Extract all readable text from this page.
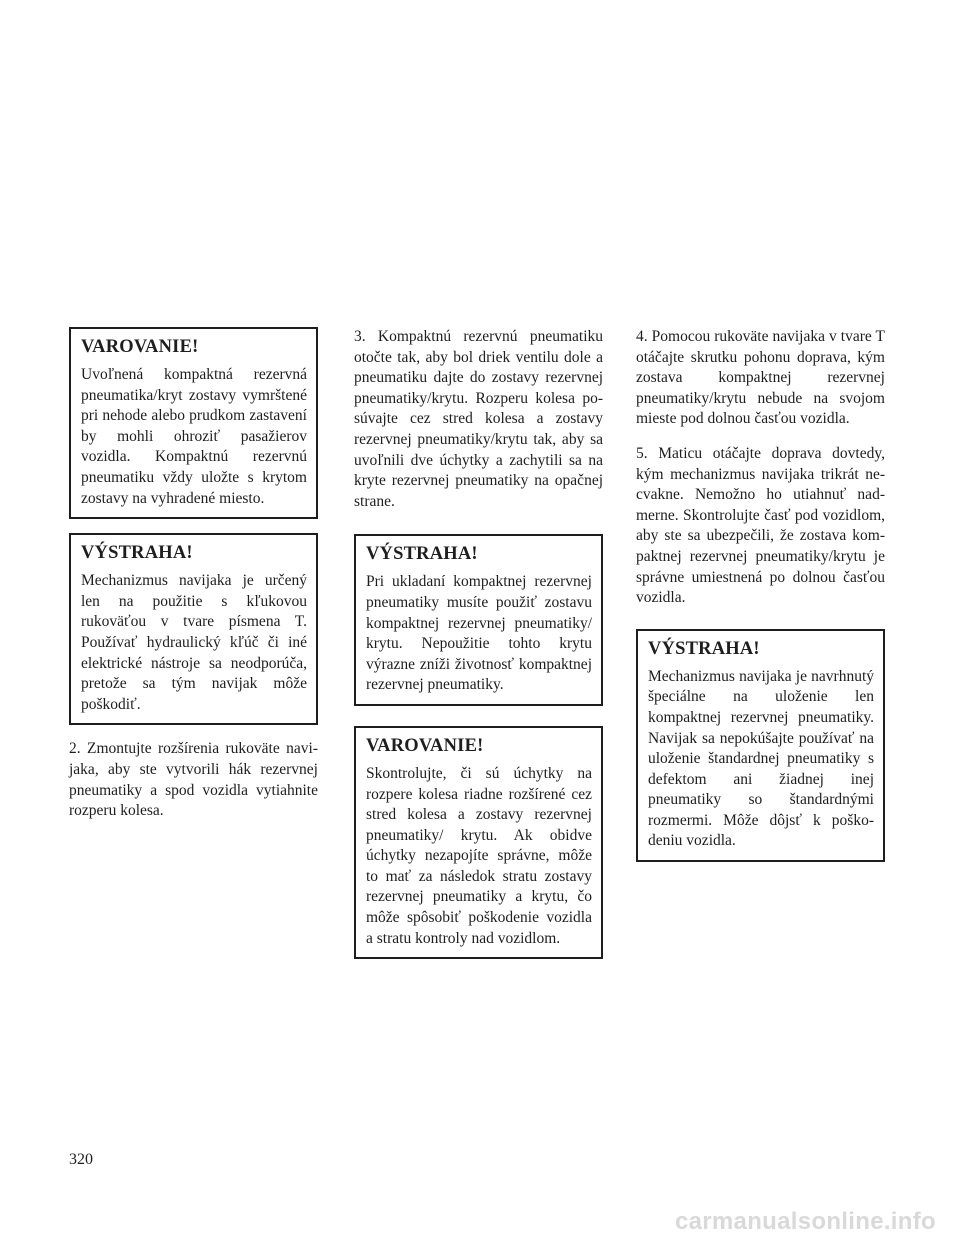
VAROVANIE!

Uvoľnená kompaktná rezervná pneumatika/kryt zostavy vymrštené pri nehode alebo prudkom zastavení by mohli ohroziť pasažierov vozidla. Kompaktnú rezervnú pneumatiku vždy uložte s krytom zostavy na vyhradené miesto.

VÝSTRAHA!

Mechanizmus navijaka je určený len na použitie s kľukovou rukoväťou v tvare písmena T. Používať hydraulický kľúč či iné elektrické nástroje sa neodporúča, pretože sa tým navijak môže poškodiť.

2. Zmontujte rozšírenia rukoväte navijaka, aby ste vytvorili hák rezervnej pneumatiky a spod vozidla vytiahnite rozperu kolesa.

3. Kompaktnú rezervnú pneumatiku otočte tak, aby bol driek ventilu dole a pneumatiku dajte do zostavy rezervnej pneumatiky/krytu. Rozperu kolesa posúvajte cez stred kolesa a zostavy rezervnej pneumatiky/krytu tak, aby sa uvoľnili dve úchytky a zachytili sa na kryte rezervnej pneumatiky na opačnej strane.

VÝSTRAHA!

Pri ukladaní kompaktnej rezervnej pneumatiky musíte použiť zostavu kompaktnej rezervnej pneumatiky/ krytu. Nepoužitie tohto krytu výrazne zníži životnosť kompaktnej rezervnej pneumatiky.

VAROVANIE!

Skontrolujte, či sú úchytky na rozpere kolesa riadne rozšírené cez stred kolesa a zostavy rezervnej pneumatiky/ krytu. Ak obidve úchytky nezapojíte správne, môže to mať za následok stratu zostavy rezervnej pneumatiky a krytu, čo môže spôsobiť poškodenie vozidla a stratu kontroly nad vozidlom.

4. Pomocou rukoväte navijaka v tvare T otáčajte skrutku pohonu doprava, kým zostava kompaktnej rezervnej pneumatiky/krytu nebude na svojom mieste pod dolnou časťou vozidla.

5. Maticu otáčajte doprava dovtedy, kým mechanizmus navijaka trikrát necvakne. Nemožno ho utiahnuť nadmerne. Skontrolujte časť pod vozidlom, aby ste sa ubezpečili, že zostava kompaktnej rezervnej pneumatiky/krytu je správne umiestnená po dolnou časťou vozidla.

VÝSTRAHA!

Mechanizmus navijaka je navrhnutý špeciálne na uloženie len kompaktnej rezervnej pneumatiky. Navijak sa nepokúšajte používať na uloženie štandardnej pneumatiky s defektom ani žiadnej inej pneumatiky so štandardnými rozmermi. Môže dôjsť k poškodeniu vozidla.

320
carmanualsonline.info
